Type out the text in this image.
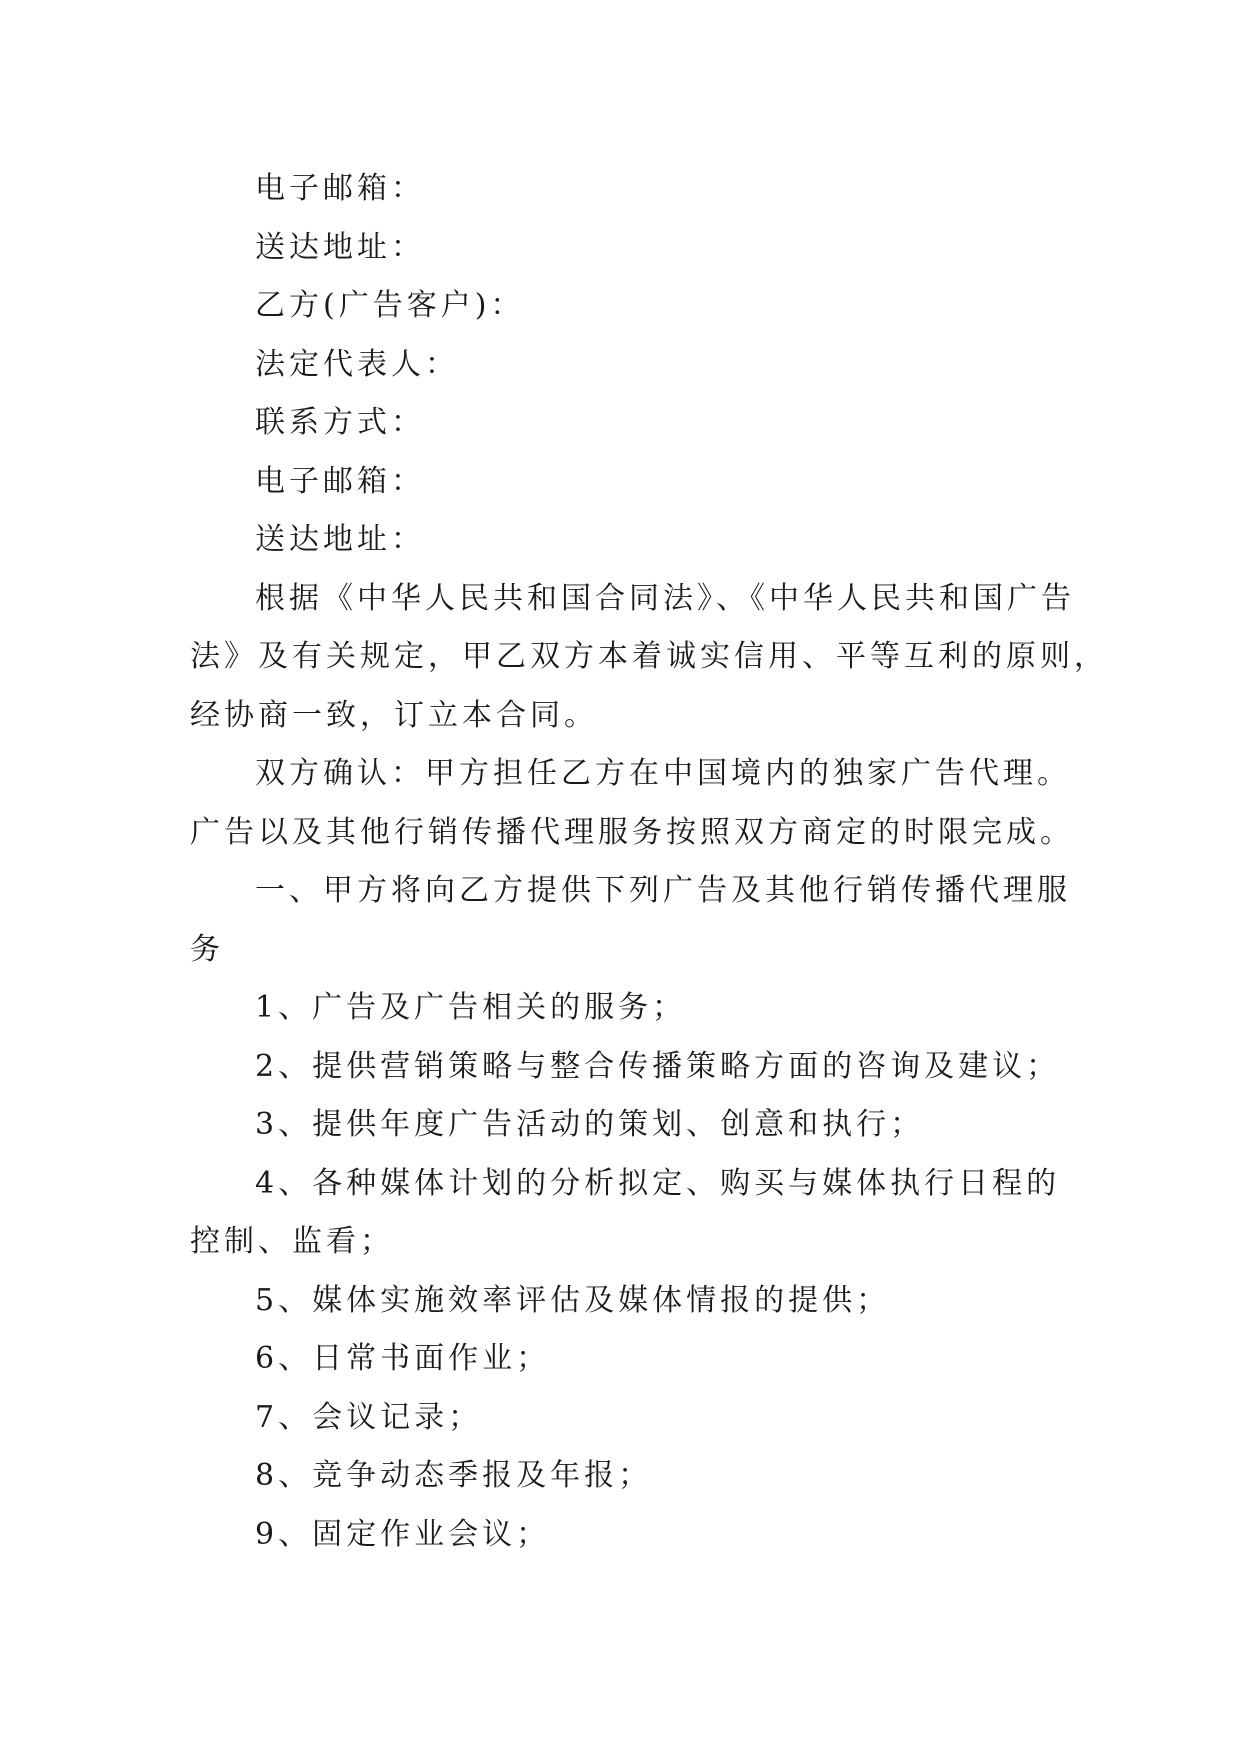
电子邮箱：

送达地址：

乙方(广告客户)：

法定代表人：

联系方式：

电子邮箱：

送达地址：

根据《中华人民共和国合同法》、《中华人民共和国广告

法》及有关规定，甲乙双方本着诚实信用、平等互利的原则，

经协商一致，订立本合同。

双方确认：甲方担任乙方在中国境内的独家广告代理。

广告以及其他行销传播代理服务按照双方商定的时限完成。

一、甲方将向乙方提供下列广告及其他行销传播代理服

务

1、广告及广告相关的服务；

2、提供营销策略与整合传播策略方面的咨询及建议；

3、提供年度广告活动的策划、创意和执行；

4、各种媒体计划的分析拟定、购买与媒体执行日程的

控制、监看；

5、媒体实施效率评估及媒体情报的提供；

6、日常书面作业；

7、会议记录；

8、竞争动态季报及年报；

9、固定作业会议；
